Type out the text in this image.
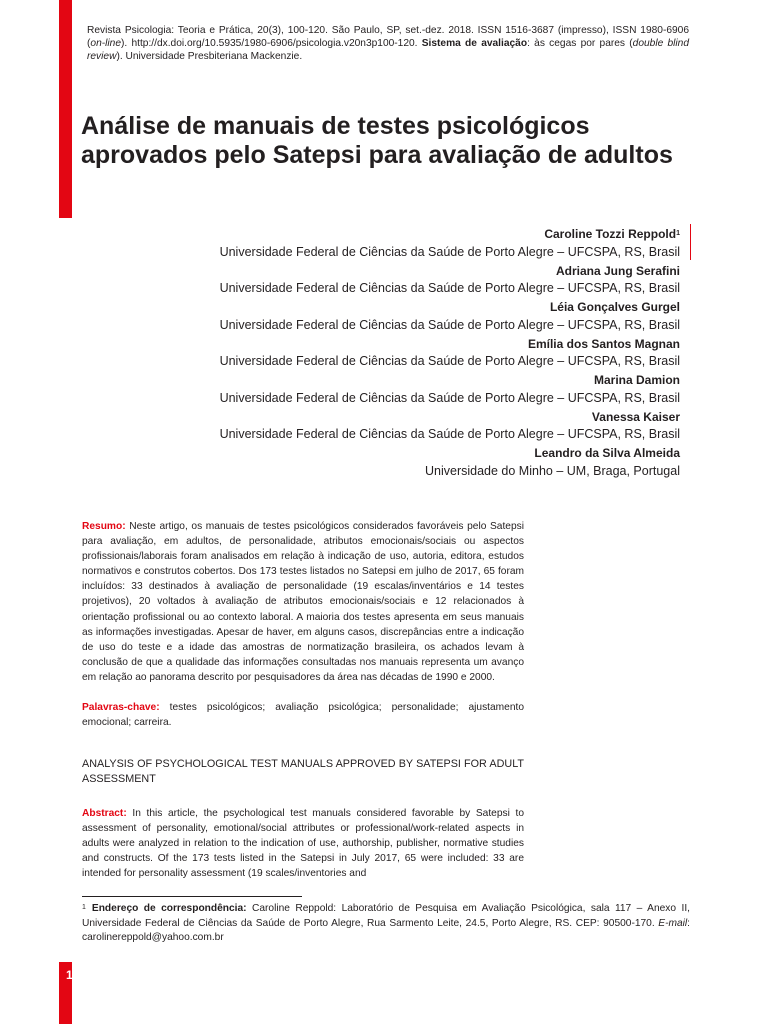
Revista Psicologia: Teoria e Prática, 20(3), 100-120. São Paulo, SP, set.-dez. 2018. ISSN 1516-3687 (impresso), ISSN 1980-6906 (on-line). http://dx.doi.org/10.5935/1980-6906/psicologia.v20n3p100-120. Sistema de avaliação: às cegas por pares (double blind review). Universidade Presbiteriana Mackenzie.
Análise de manuais de testes psicológicos aprovados pelo Satepsi para avaliação de adultos
Caroline Tozzi Reppold$^1$
Universidade Federal de Ciências da Saúde de Porto Alegre – UFCSPA, RS, Brasil
Adriana Jung Serafini
Universidade Federal de Ciências da Saúde de Porto Alegre – UFCSPA, RS, Brasil
Léia Gonçalves Gurgel
Universidade Federal de Ciências da Saúde de Porto Alegre – UFCSPA, RS, Brasil
Emília dos Santos Magnan
Universidade Federal de Ciências da Saúde de Porto Alegre – UFCSPA, RS, Brasil
Marina Damion
Universidade Federal de Ciências da Saúde de Porto Alegre – UFCSPA, RS, Brasil
Vanessa Kaiser
Universidade Federal de Ciências da Saúde de Porto Alegre – UFCSPA, RS, Brasil
Leandro da Silva Almeida
Universidade do Minho – UM, Braga, Portugal
Resumo: Neste artigo, os manuais de testes psicológicos considerados favoráveis pelo Satepsi para avaliação, em adultos, de personalidade, atributos emocionais/sociais ou aspectos profissionais/laborais foram analisados em relação à indicação de uso, autoria, editora, estudos normativos e construtos cobertos. Dos 173 testes listados no Satepsi em julho de 2017, 65 foram incluídos: 33 destinados à avaliação de personalidade (19 escalas/inventários e 14 testes projetivos), 20 voltados à avaliação de atributos emocionais/sociais e 12 relacionados à orientação profissional ou ao contexto laboral. A maioria dos testes apresenta em seus manuais as informações investigadas. Apesar de haver, em alguns casos, discrepâncias entre a indicação de uso do teste e a idade das amostras de normatização brasileira, os achados levam à conclusão de que a qualidade das informações consultadas nos manuais representa um avanço em relação ao panorama descrito por pesquisadores da área nas décadas de 1990 e 2000.
Palavras-chave: testes psicológicos; avaliação psicológica; personalidade; ajustamento emocional; carreira.
ANALYSIS OF PSYCHOLOGICAL TEST MANUALS APPROVED BY SATEPSI FOR ADULT ASSESSMENT
Abstract: In this article, the psychological test manuals considered favorable by Satepsi to assessment of personality, emotional/social attributes or professional/work-related aspects in adults were analyzed in relation to the indication of use, authorship, publisher, normative studies and constructs. Of the 173 tests listed in the Satepsi in July 2017, 65 were included: 33 are intended for personality assessment (19 scales/inventories and
$^1$ Endereço de correspondência: Caroline Reppold: Laboratório de Pesquisa em Avaliação Psicológica, sala 117 – Anexo II, Universidade Federal de Ciências da Saúde de Porto Alegre, Rua Sarmento Leite, 24.5, Porto Alegre, RS. CEP: 90500-170. E-mail: carolinereppold@yahoo.com.br
100
